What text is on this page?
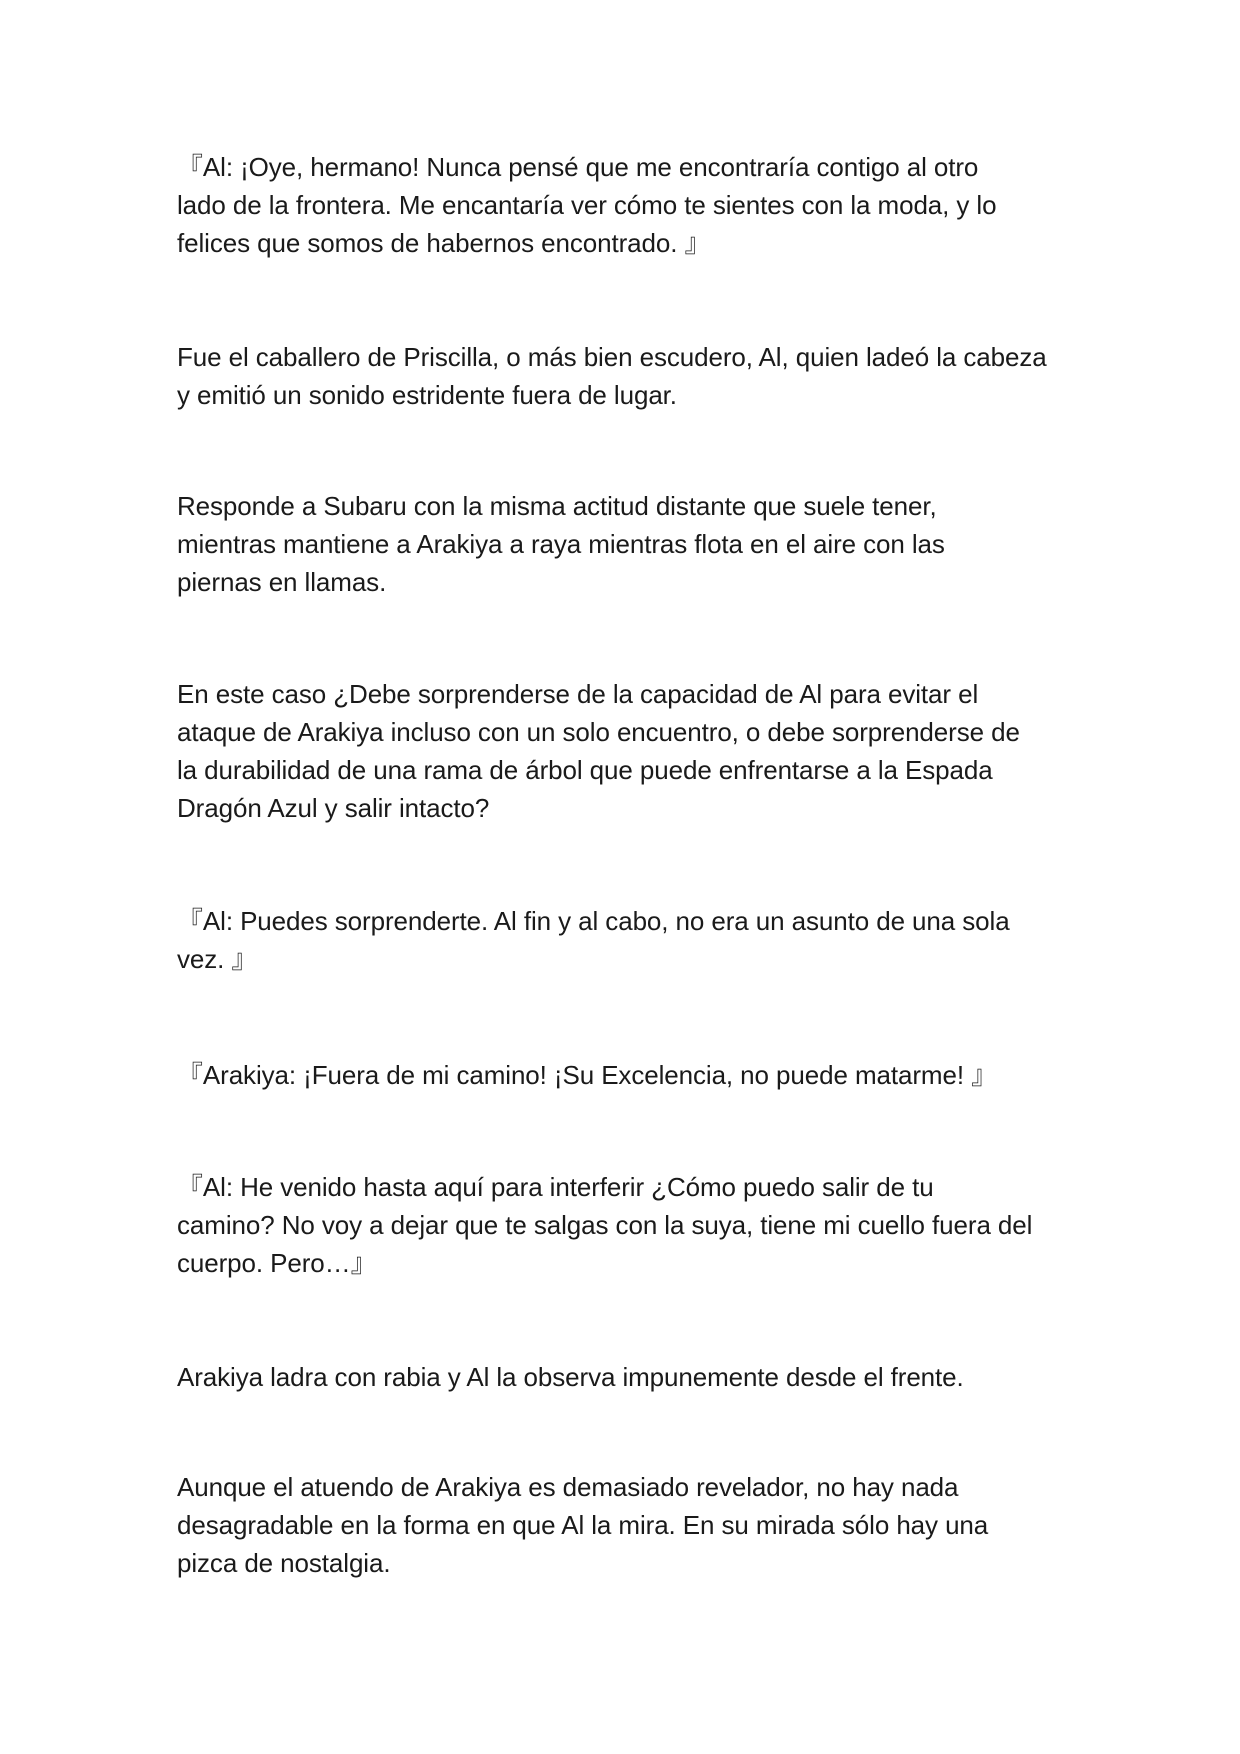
『Al: ¡Oye, hermano! Nunca pensé que me encontraría contigo al otro
lado de la frontera. Me encantaría ver cómo te sientes con la moda, y lo
felices que somos de habernos encontrado. 』

Fue el caballero de Priscilla, o más bien escudero, Al, quien ladeó la cabeza
y emitió un sonido estridente fuera de lugar.

Responde a Subaru con la misma actitud distante que suele tener,
mientras mantiene a Arakiya a raya mientras flota en el aire con las
piernas en llamas.

En este caso ¿Debe sorprenderse de la capacidad de Al para evitar el
ataque de Arakiya incluso con un solo encuentro, o debe sorprenderse de
la durabilidad de una rama de árbol que puede enfrentarse a la Espada
Dragón Azul y salir intacto?

『Al: Puedes sorprenderte. Al fin y al cabo, no era un asunto de una sola
vez. 』

『Arakiya: ¡Fuera de mi camino! ¡Su Excelencia, no puede matarme! 』

『Al: He venido hasta aquí para interferir ¿Cómo puedo salir de tu
camino? No voy a dejar que te salgas con la suya, tiene mi cuello fuera del
cuerpo. Pero…』

Arakiya ladra con rabia y Al la observa impunemente desde el frente.

Aunque el atuendo de Arakiya es demasiado revelador, no hay nada
desagradable en la forma en que Al la mira. En su mirada sólo hay una
pizca de nostalgia.
